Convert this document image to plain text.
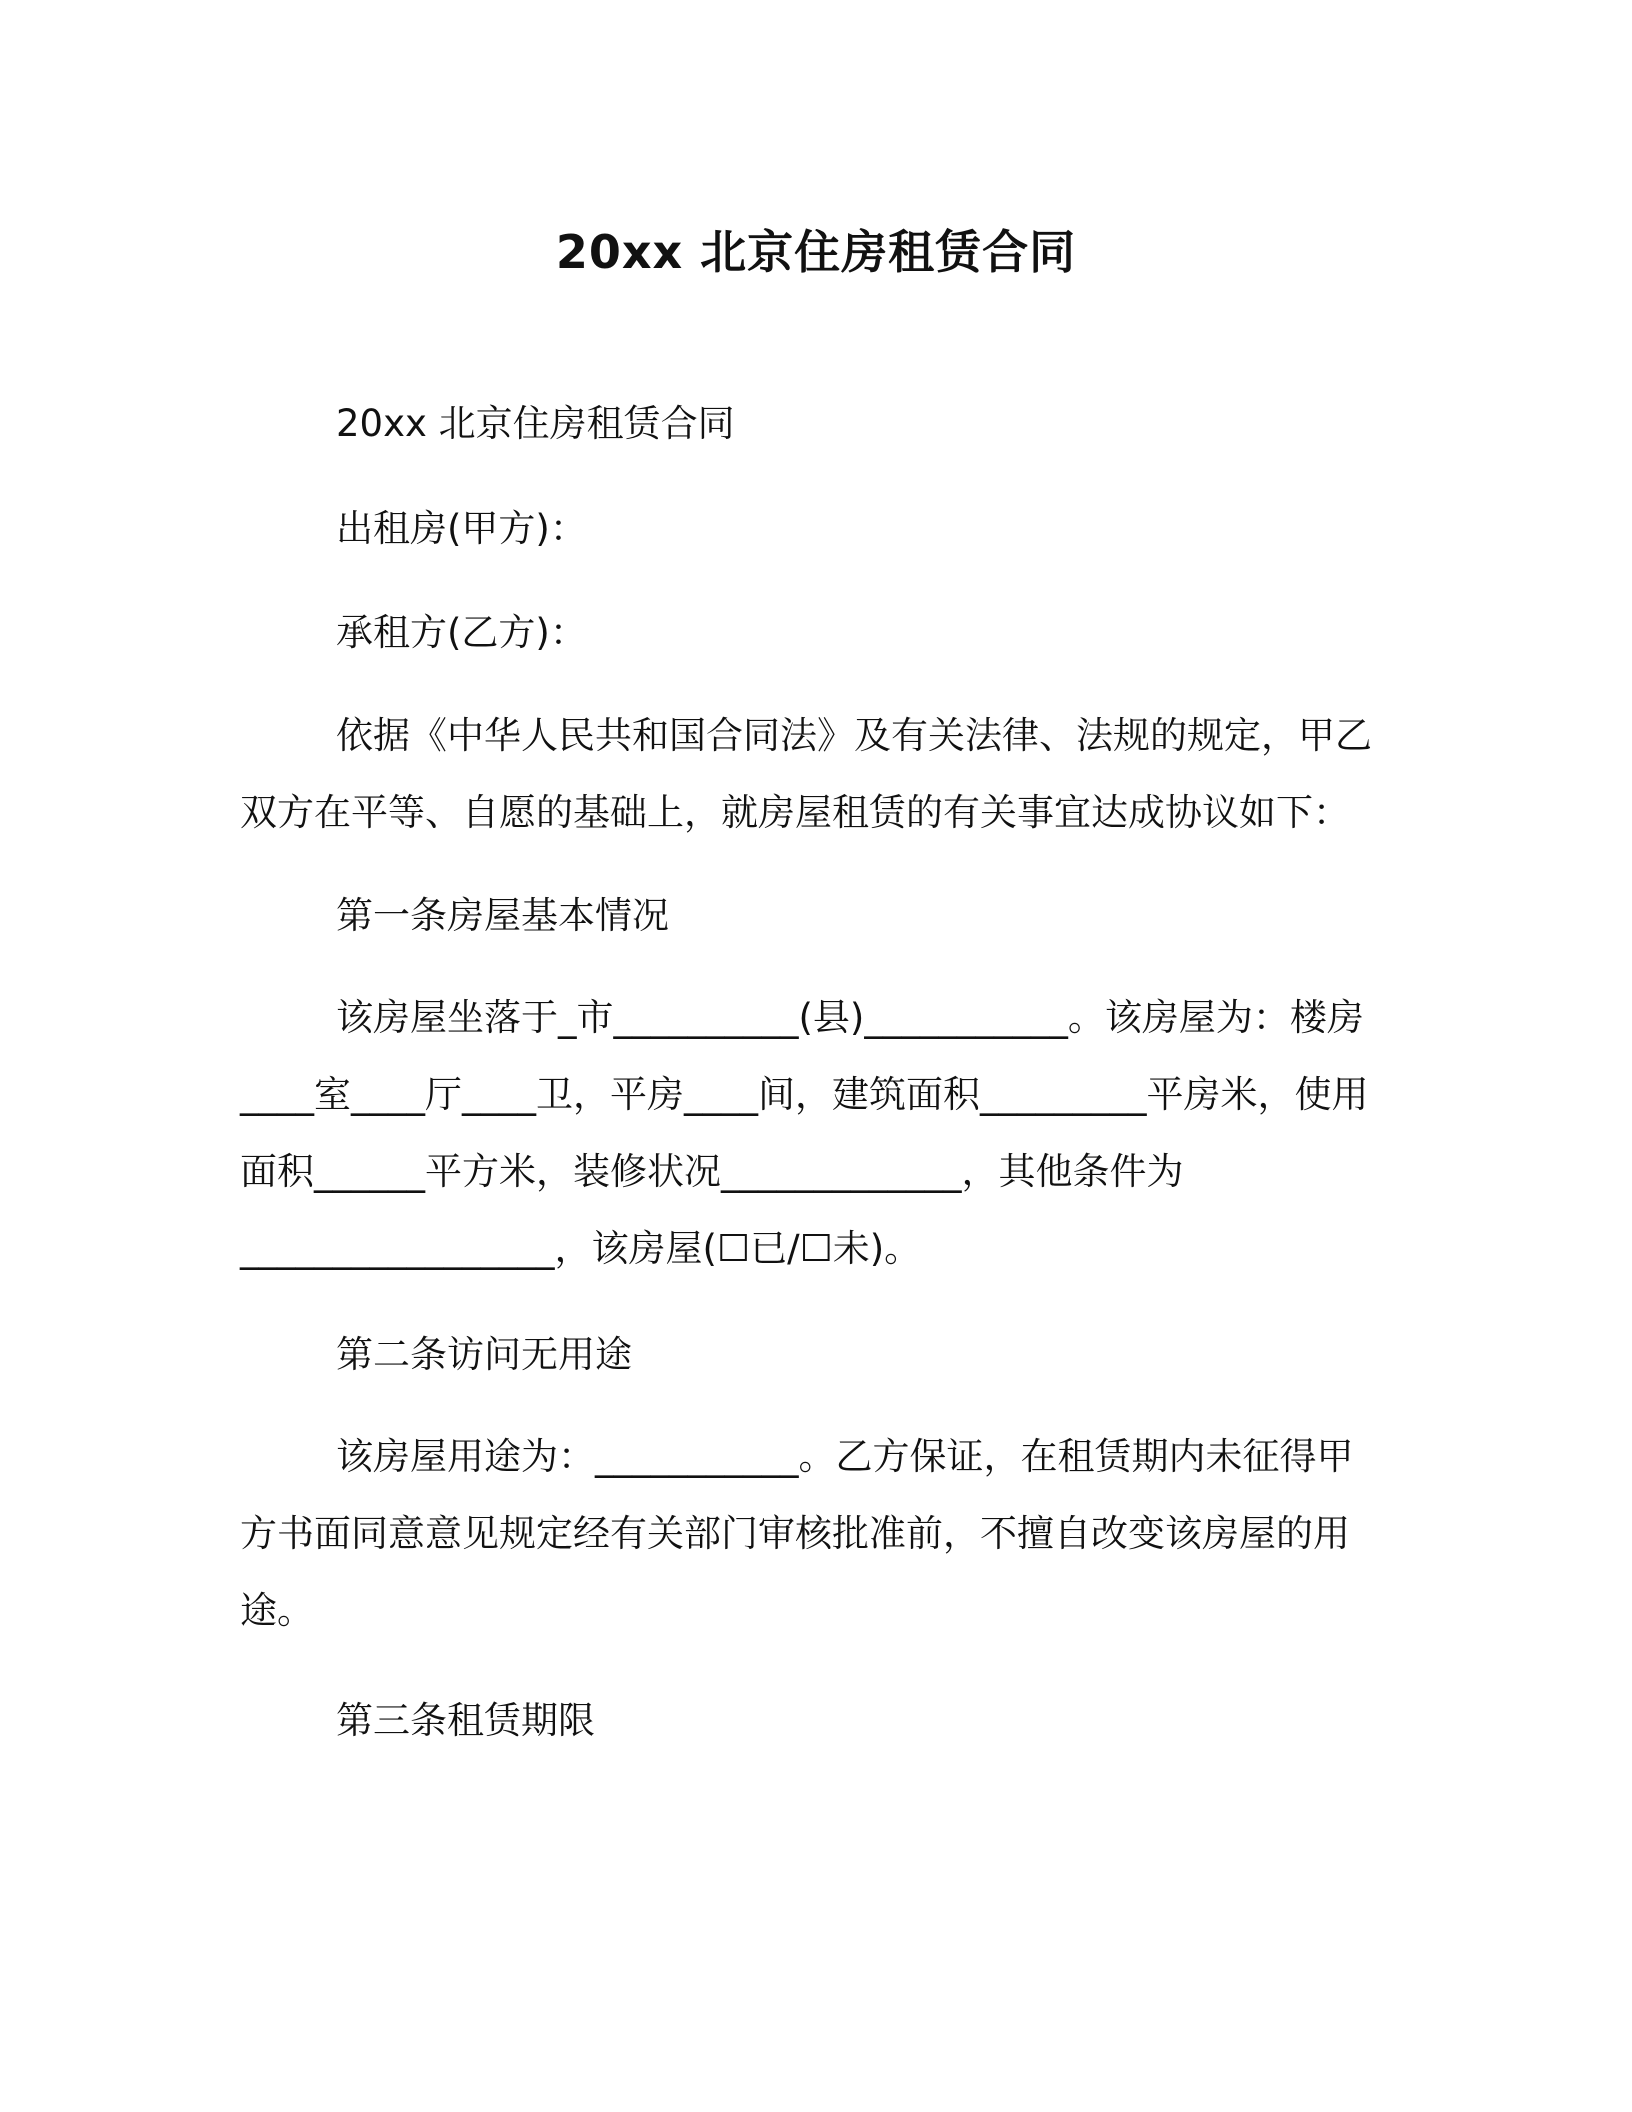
20xx 北京住房租赁合同

20xx 北京住房租赁合同

出租房(甲方)：

承租方(乙方)：

依据《中华人民共和国合同法》及有关法律、法规的规定，甲乙双方在平等、自愿的基础上，就房屋租赁的有关事宜达成协议如下：

第一条房屋基本情况

该房屋坐落于_市__________(县)___________。该房屋为：楼房____室____厅____卫，平房____间，建筑面积_________平房米，使用面积______平方米，装修状况_____________，其他条件为_________________，该房屋(☐已/☐未)。

第二条访问无用途

该房屋用途为：___________。乙方保证，在租赁期内未征得甲方书面同意意见规定经有关部门审核批准前，不擅自改变该房屋的用途。

第三条租赁期限
